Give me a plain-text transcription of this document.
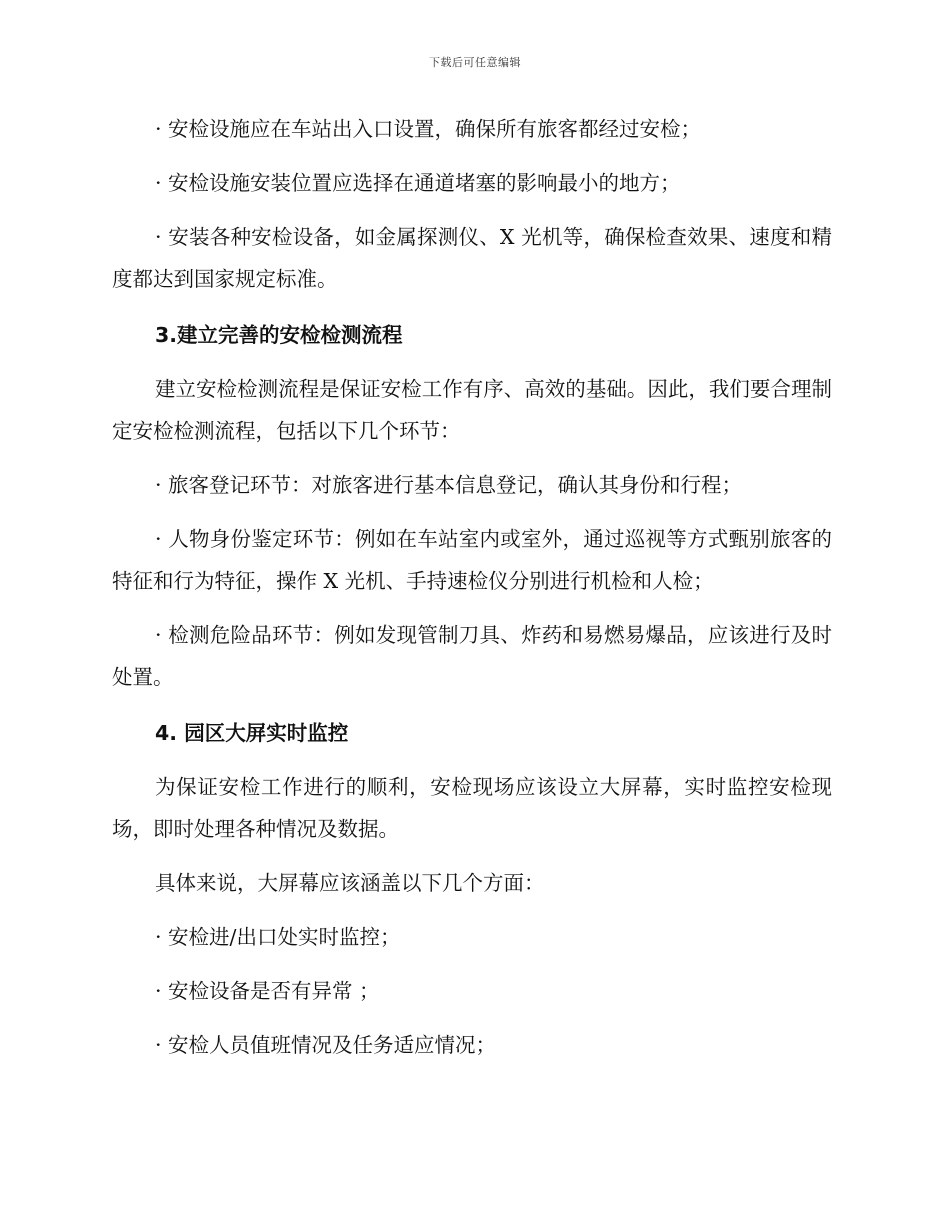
下载后可任意编辑

· 安检设施应在车站出入口设置，确保所有旅客都经过安检；

· 安检设施安装位置应选择在通道堵塞的影响最小的地方；

· 安装各种安检设备，如金属探测仪、X 光机等，确保检查效果、速度和精度都达到国家规定标准。

3.建立完善的安检检测流程

建立安检检测流程是保证安检工作有序、高效的基础。因此，我们要合理制定安检检测流程，包括以下几个环节：

· 旅客登记环节：对旅客进行基本信息登记，确认其身份和行程；

· 人物身份鉴定环节：例如在车站室内或室外，通过巡视等方式甄别旅客的特征和行为特征，操作 X 光机、手持速检仪分别进行机检和人检；

· 检测危险品环节：例如发现管制刀具、炸药和易燃易爆品，应该进行及时处置。

4. 园区大屏实时监控

为保证安检工作进行的顺利，安检现场应该设立大屏幕，实时监控安检现场，即时处理各种情况及数据。

具体来说，大屏幕应该涵盖以下几个方面：

· 安检进/出口处实时监控；

· 安检设备是否有异常 ；

· 安检人员值班情况及任务适应情况；
